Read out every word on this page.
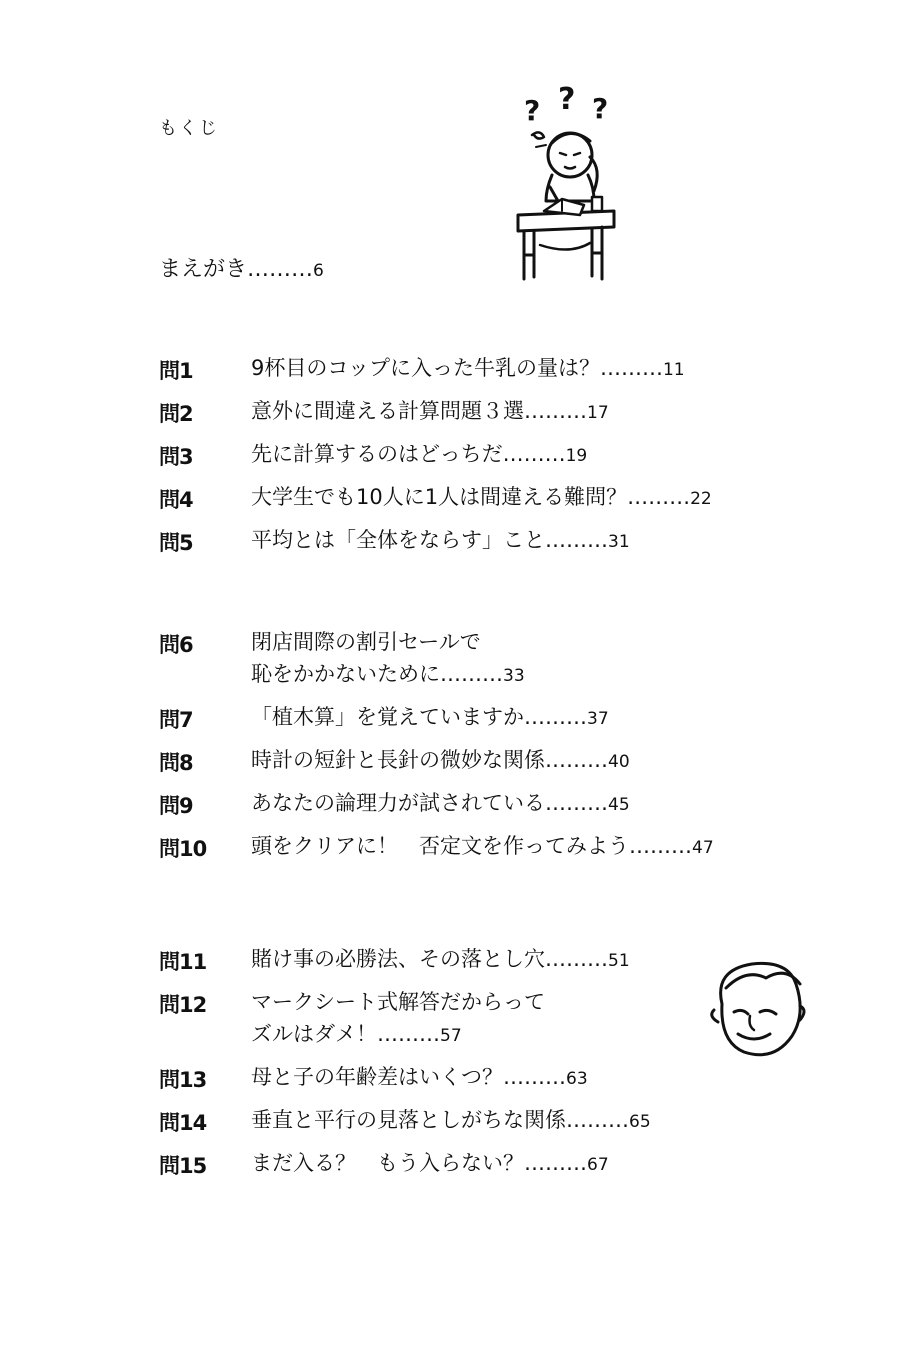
もくじ
まえがき………6
問1	9杯目のコップに入った牛乳の量は？………11
問2	意外に間違える計算問題３選………17
問3	先に計算するのはどっちだ………19
問4	大学生でも10人に1人は間違える難問？………22
問5	平均とは「全体をならす」こと………31
問6	閉店間際の割引セールで
恥をかかないために………33
問7	「植木算」を覚えていますか………37
問8	時計の短針と長針の微妙な関係………40
問9	あなたの論理力が試されている………45
問10 頭をクリアに！　否定文を作ってみよう………47
問11 賭け事の必勝法、その落とし穴………51
問12 マークシート式解答だからって
ズルはダメ！………57
問13 母と子の年齢差はいくつ？………63
問14 垂直と平行の見落としがちな関係………65
問15 まだ入る？　もう入らない？………67
? ? ?
